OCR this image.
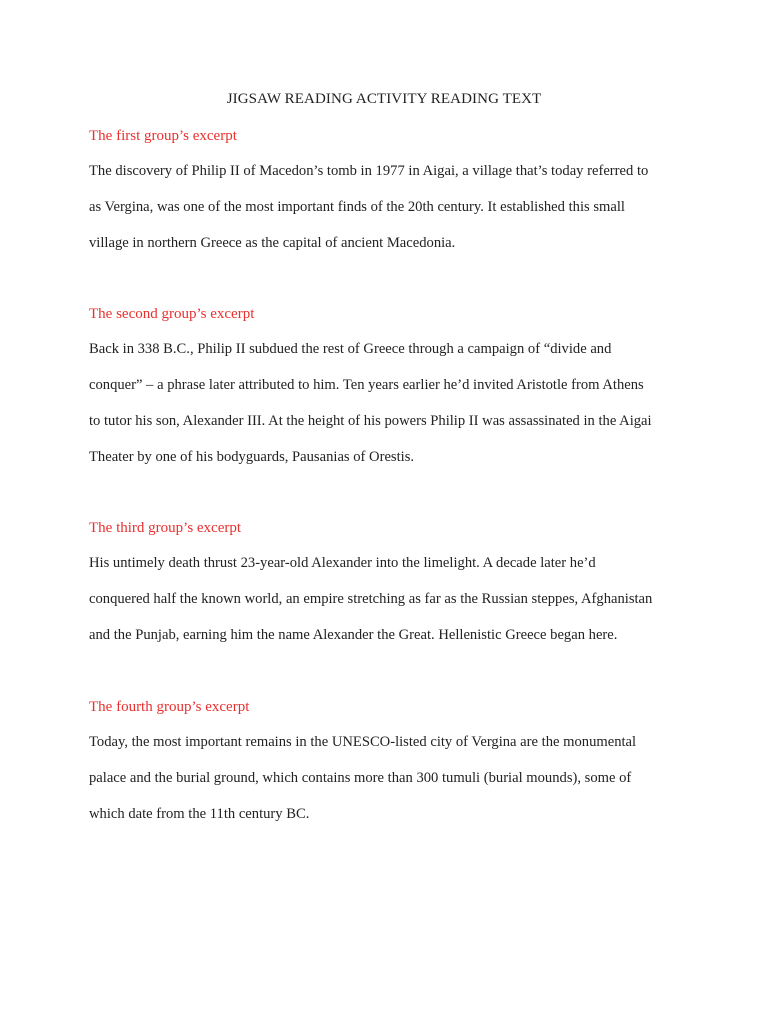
JIGSAW READING ACTIVITY READING TEXT

The first group’s excerpt

The discovery of Philip II of Macedon’s tomb in 1977 in Aigai, a village that’s today referred to
as Vergina, was one of the most important finds of the 20th century. It established this small
village in northern Greece as the capital of ancient Macedonia.

The second group’s excerpt

Back in 338 B.C., Philip II subdued the rest of Greece through a campaign of “divide and
conquer” – a phrase later attributed to him. Ten years earlier he’d invited Aristotle from Athens
to tutor his son, Alexander III. At the height of his powers Philip II was assassinated in the Aigai
Theater by one of his bodyguards, Pausanias of Orestis.

The third group’s excerpt

His untimely death thrust 23-year-old Alexander into the limelight. A decade later he’d
conquered half the known world, an empire stretching as far as the Russian steppes, Afghanistan
and the Punjab, earning him the name Alexander the Great. Hellenistic Greece began here.

The fourth group’s excerpt

Today, the most important remains in the UNESCO-listed city of Vergina are the monumental
palace and the burial ground, which contains more than 300 tumuli (burial mounds), some of
which date from the 11th century BC.
